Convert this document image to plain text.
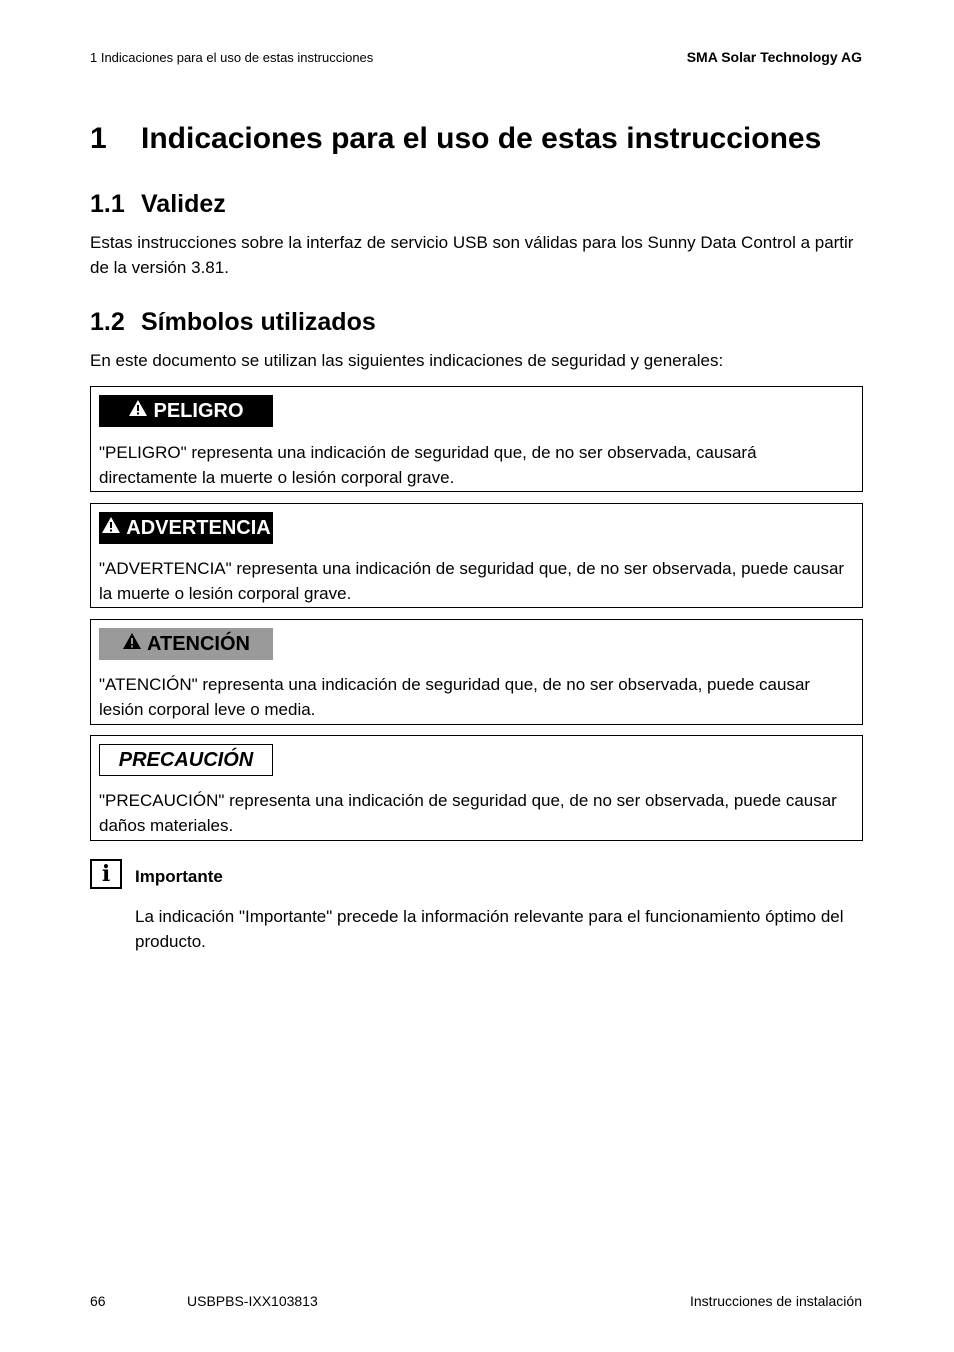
1 Indicaciones para el uso de estas instrucciones	SMA Solar Technology AG
1 Indicaciones para el uso de estas instrucciones
1.1 Validez
Estas instrucciones sobre la interfaz de servicio USB son válidas para los Sunny Data Control a partir
de la versión 3.81.
1.2 Símbolos utilizados
En este documento se utilizan las siguientes indicaciones de seguridad y generales:
PELIGRO
"PELIGRO" representa una indicación de seguridad que, de no ser observada, causará
directamente la muerte o lesión corporal grave.
ADVERTENCIA
"ADVERTENCIA" representa una indicación de seguridad que, de no ser observada, puede causar
la muerte o lesión corporal grave.
ATENCIÓN
"ATENCIÓN" representa una indicación de seguridad que, de no ser observada, puede causar
lesión corporal leve o media.
PRECAUCIÓN
"PRECAUCIÓN" representa una indicación de seguridad que, de no ser observada, puede causar
daños materiales.
i	Importante
La indicación "Importante" precede la información relevante para el funcionamiento óptimo del
producto.
66	USBPBS-IXX103813	Instrucciones de instalación
